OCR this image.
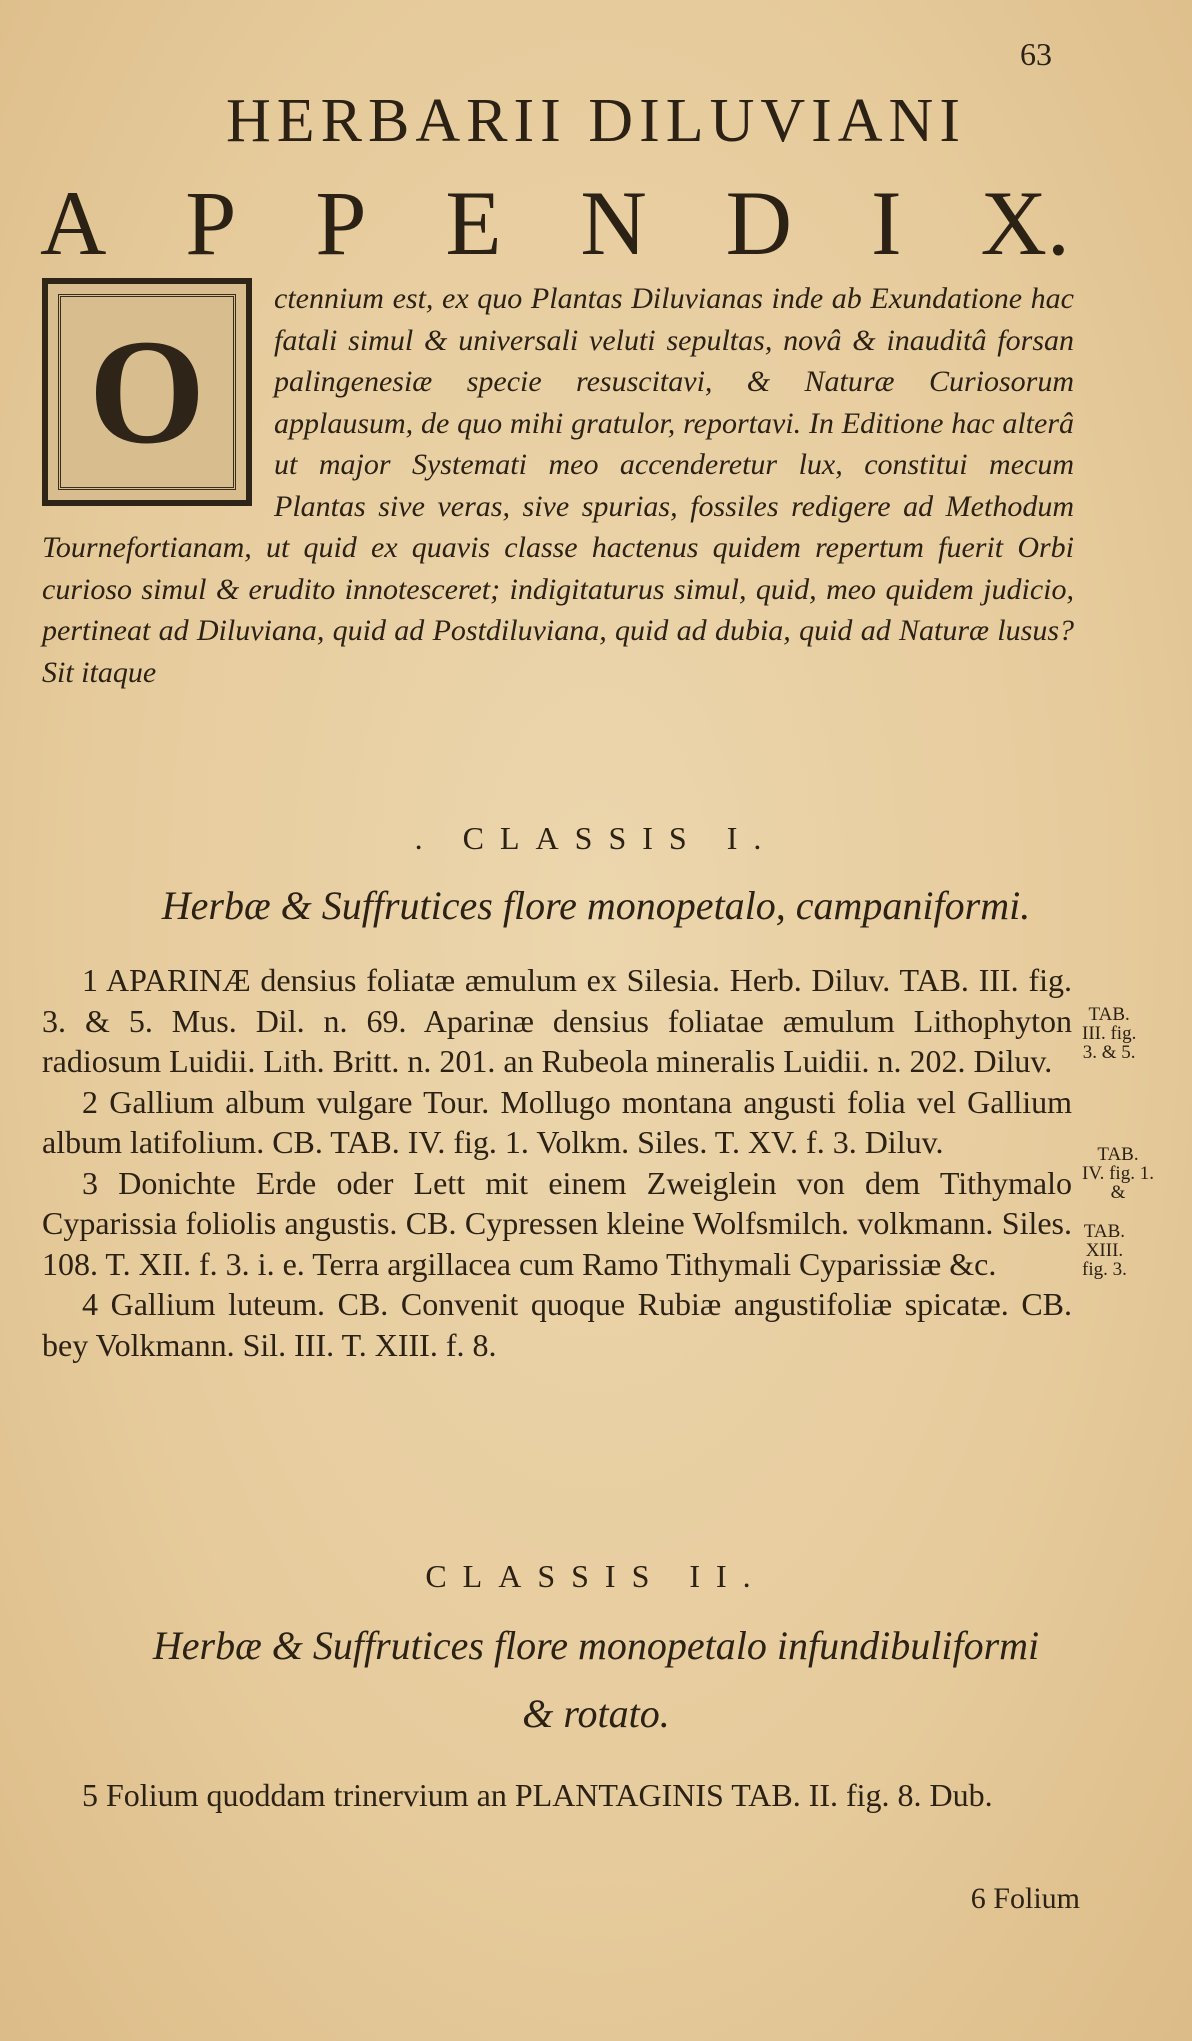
63
HERBARII DILUVIANI
A P P E N D I X.
ctennium est, ex quo Plantas Diluvianas inde ab Exundatione hac fatali simul & universali veluti sepultas, novâ & inauditâ forsan palingenesiæ specie resuscitavi, & Naturæ Curiosorum applausum, de quo mihi gratulor, reportavi. In Editione hac alterâ ut major Systemati meo accenderetur lux, constitui mecum Plantas sive veras, sive spurias, fossiles redigere ad Methodum Tournefortianam, ut quid ex quavis classe hactenus quidem repertum fuerit Orbi curioso simul & erudito innotesceret; indigitaturus simul, quid, meo quidem judicio, pertineat ad Diluviana, quid ad Postdiluviana, quid ad dubia, quid ad Naturæ lusus? Sit itaque
O
. CLASSIS I.
Herbæ & Suffrutices flore monopetalo, campaniformi.

1 APARINÆ densius foliatæ æmulum ex Silesia. Herb. Diluv. TAB. III. fig. 3. & 5. Mus. Dil. n. 69. Aparinæ densius foliatae æmulum Lithophyton radiosum Luidii. Lith. Britt. n. 201. an Rubeola mineralis Luidii. n. 202. Diluv.

2 Gallium album vulgare Tour. Mollugo montana angusti folia vel Gallium album latifolium. CB. TAB. IV. fig. 1. Volkm. Siles. T. XV. f. 3. Diluv.

3 Donichte Erde oder Lett mit einem Zweiglein von dem Tithymalo Cyparissia foliolis angustis. CB. Cypressen kleine Wolfsmilch. volkmann. Siles. 108. T. XII. f. 3. i. e. Terra argillacea cum Ramo Tithymali Cyparissiæ &c.

4 Gallium luteum. CB. Convenit quoque Rubiæ angustifoliæ spicatæ. CB. bey Volkmann. Sil. III. T. XIII. f. 8.

TAB.
III. fig.
3. & 5.
TAB.
IV. fig. 1.
&
TAB.
XIII.
fig. 3.
CLASSIS II.
Herbæ & Suffrutices flore monopetalo infundibuliformi
& rotato.

5 Folium quoddam trinervium an PLANTAGINIS TAB. II. fig. 8. Dub.

6 Folium
